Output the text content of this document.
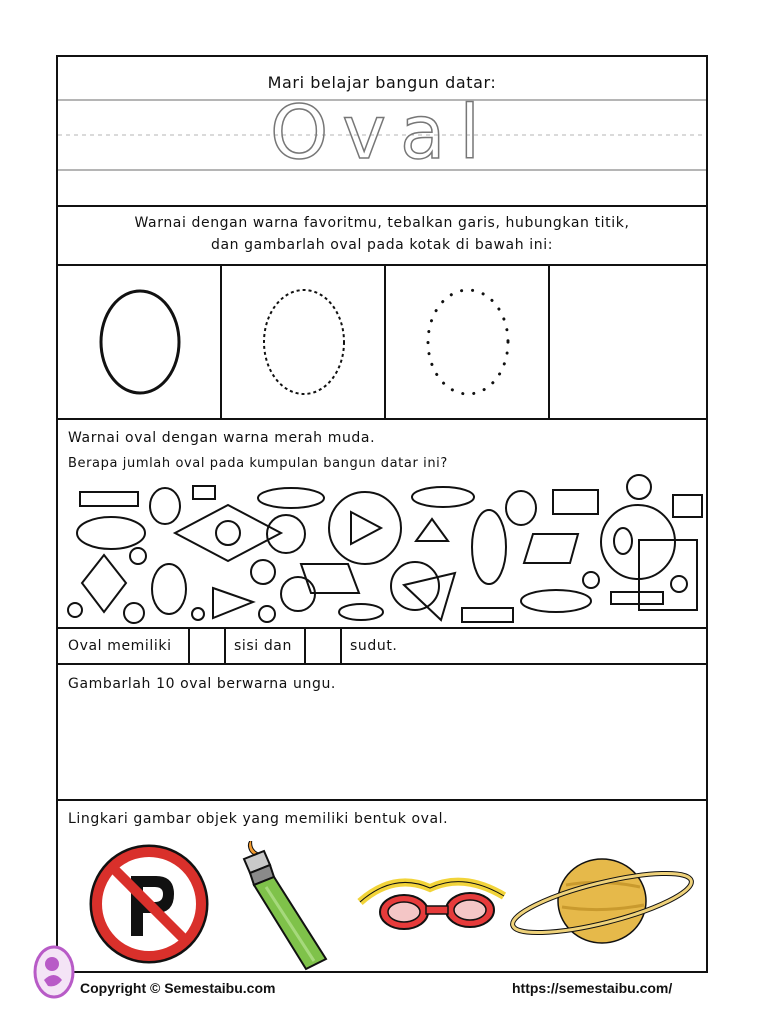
Mari belajar bangun datar:
Oval
Warnai dengan warna favoritmu, tebalkan garis, hubungkan titik,
dan gambarlah oval pada kotak di bawah ini:
Warnai oval dengan warna merah muda.
Berapa jumlah oval pada kumpulan bangun datar ini?
Oval memiliki	sisi dan	sudut.
Gambarlah 10 oval berwarna ungu.
Lingkari gambar objek yang memiliki bentuk oval.
Copyright © Semestaibu.com	https://semestaibu.com/
